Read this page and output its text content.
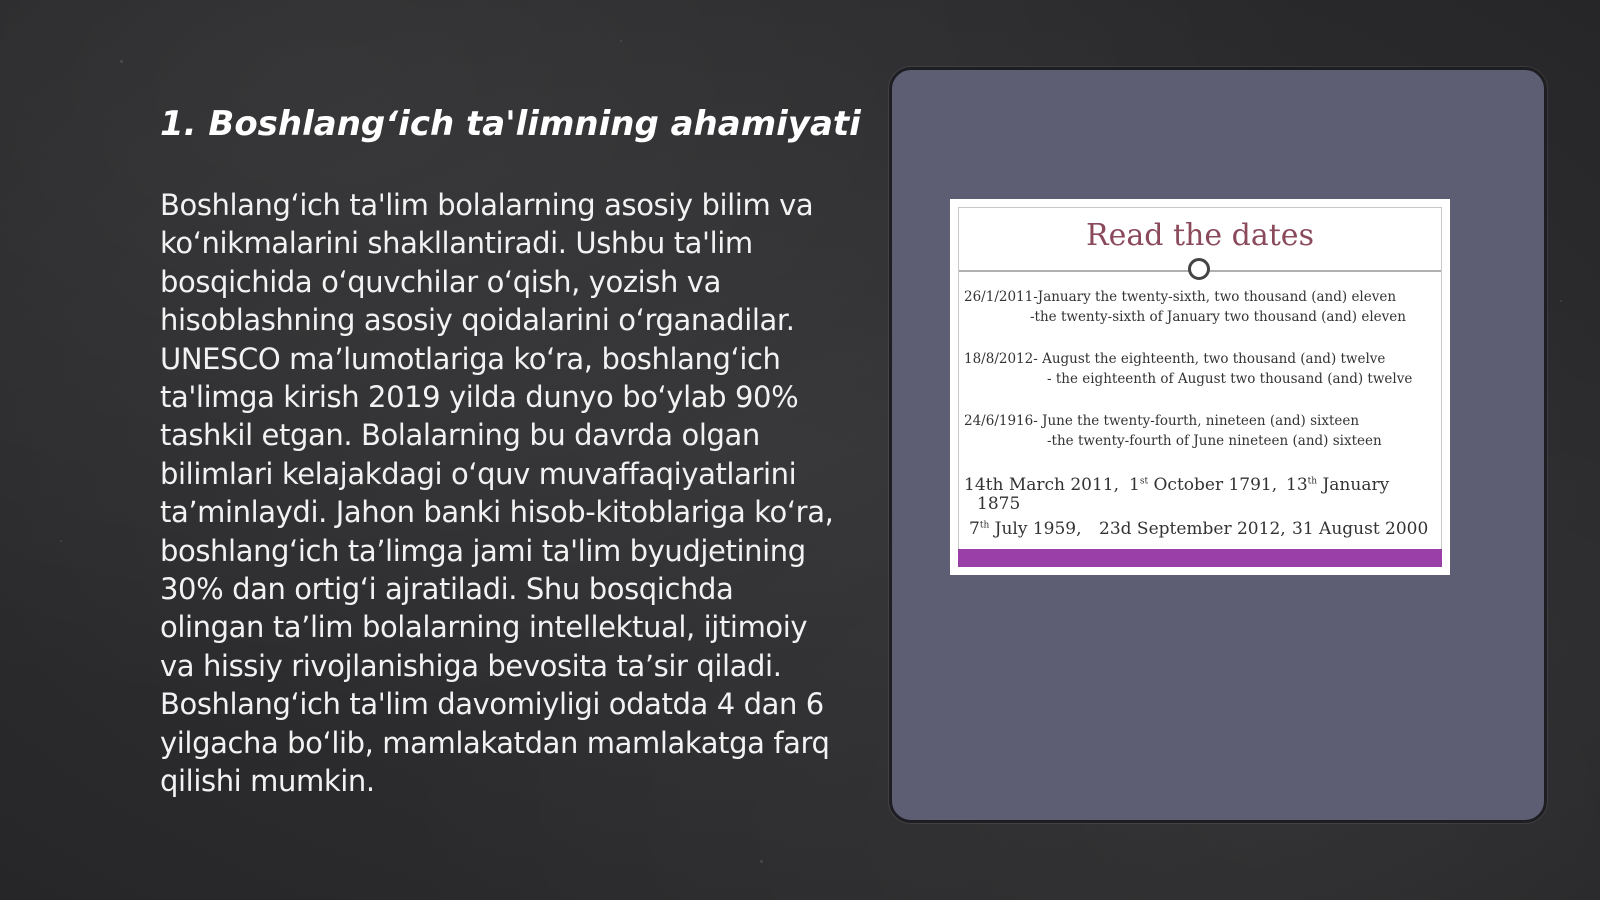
1. Boshlang‘ich ta'limning ahamiyati

Boshlang‘ich ta'lim bolalarning asosiy bilim va ko‘nikmalarini shakllantiradi. Ushbu ta'lim bosqichida o‘quvchilar o‘qish, yozish va hisoblashning asosiy qoidalarini o‘rganadilar. UNESCO ma’lumotlariga ko‘ra, boshlang‘ich ta'limga kirish 2019 yilda dunyo bo‘ylab 90% tashkil etgan. Bolalarning bu davrda olgan bilimlari kelajakdagi o‘quv muvaffaqiyatlarini ta’minlaydi. Jahon banki hisob-kitoblariga ko‘ra, boshlang‘ich ta’limga jami ta'lim byudjetining 30% dan ortig‘i ajratiladi. Shu bosqichda olingan ta’lim bolalarning intellektual, ijtimoiy va hissiy rivojlanishiga bevosita ta’sir qiladi. Boshlang‘ich ta'lim davomiyligi odatda 4 dan 6 yilgacha bo‘lib, mamlakatdan mamlakatga farq qilishi mumkin.

Read the dates
26/1/2011-January the twenty-sixth, two thousand (and) eleven
-the twenty-sixth of January two thousand (and) eleven
18/8/2012- August the eighteenth, two thousand (and) twelve
- the eighteenth of August two thousand (and) twelve
24/6/1916- June the twenty-fourth, nineteen (and) sixteen
-the twenty-fourth of June nineteen (and) sixteen
14th March 2011, 1st October 1791, 13th January
1875
7th July 1959, 23d September 2012, 31 August 2000
